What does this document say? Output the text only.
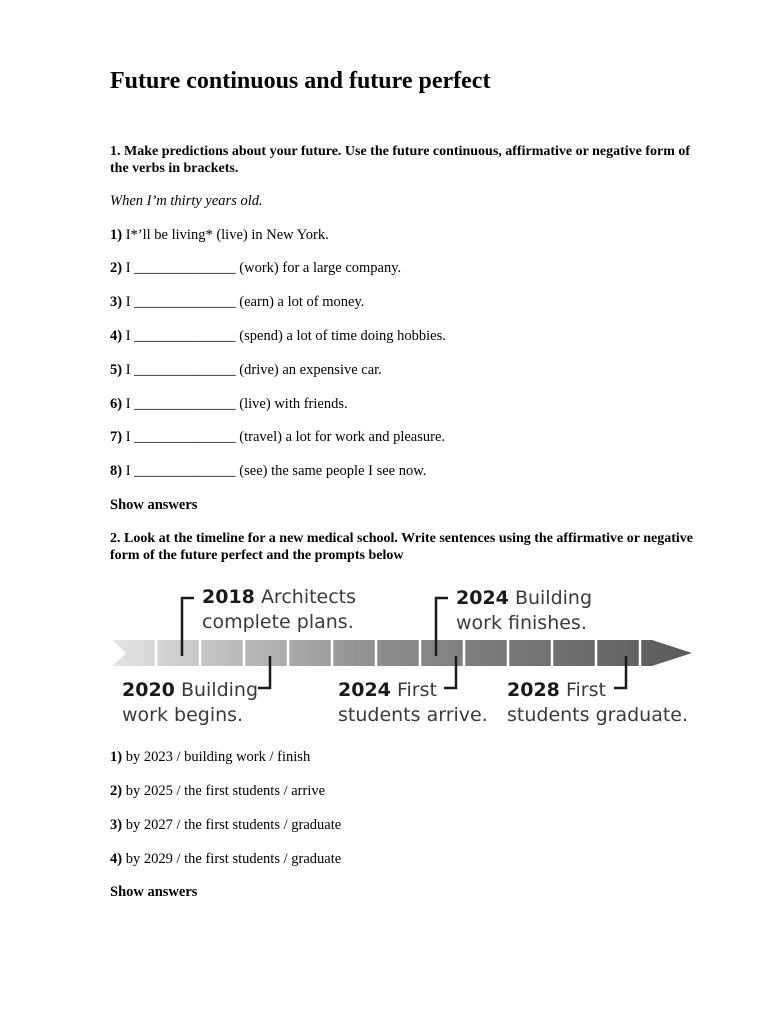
Future continuous and future perfect

1. Make predictions about your future. Use the future continuous, affirmative or negative form of the verbs in brackets.

When I’m thirty years old.

1) I*’ll be living* (live) in New York.

2) I ______________ (work) for a large company.

3) I ______________ (earn) a lot of money.

4) I ______________ (spend) a lot of time doing hobbies.

5) I ______________ (drive) an expensive car.

6) I ______________ (live) with friends.

7) I ______________ (travel) a lot for work and pleasure.

8) I ______________ (see) the same people I see now.

Show answers

2. Look at the timeline for a new medical school. Write sentences using the affirmative or negative form of the future perfect and the prompts below

2018 Architects
complete plans.
2024 Building
work finishes.
2020 Building
work begins.
2024 First
students arrive.
2028 First
students graduate.

1) by 2023 / building work / finish

2) by 2025 / the first students / arrive

3) by 2027 / the first students / graduate

4) by 2029 / the first students / graduate

Show answers
